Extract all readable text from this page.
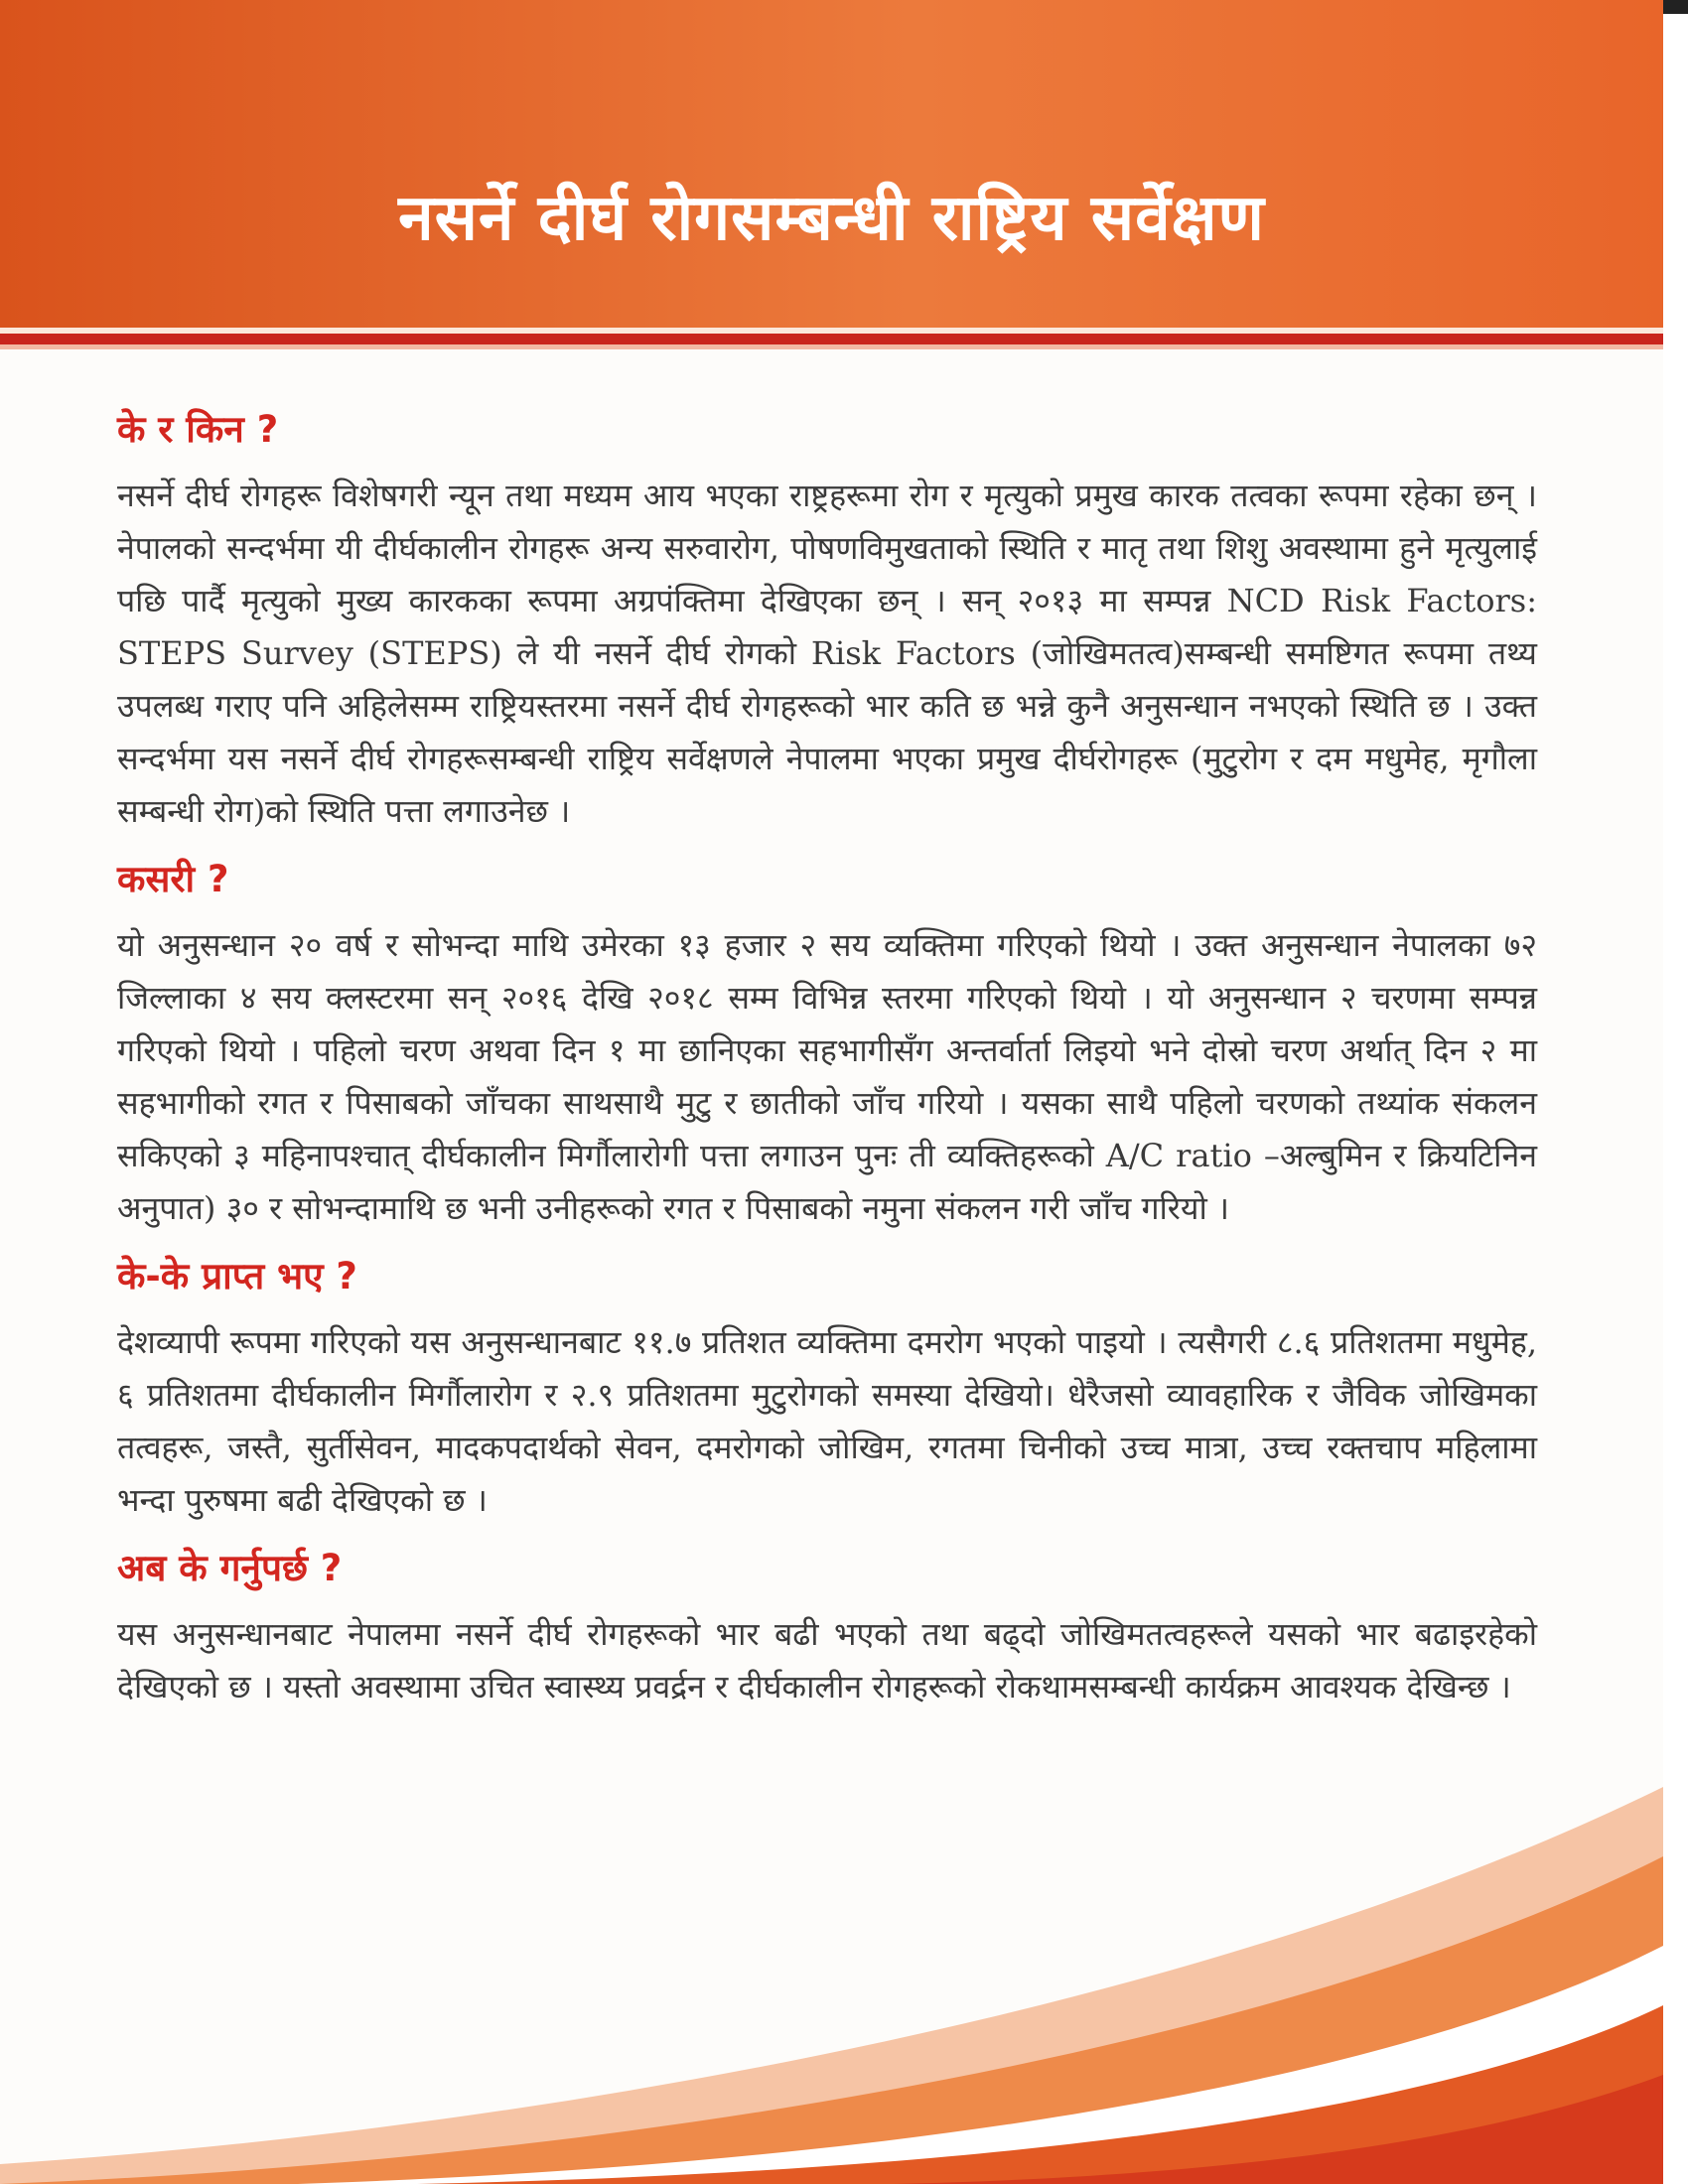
नसर्ने दीर्घ रोगसम्बन्धी राष्ट्रिय सर्वेक्षण
के र किन ?

नसर्ने दीर्घ रोगहरू विशेषगरी न्यून तथा मध्यम आय भएका राष्ट्रहरूमा रोग र मृत्युको प्रमुख कारक तत्वका रूपमा रहेका छन् । नेपालको सन्दर्भमा यी दीर्घकालीन रोगहरू अन्य सरुवारोग, पोषणविमुखताको स्थिति र मातृ तथा शिशु अवस्थामा हुने मृत्युलाई पछि पार्दै मृत्युको मुख्य कारकका रूपमा अग्रपंक्तिमा देखिएका छन् । सन् २०१३ मा सम्पन्न NCD Risk Factors: STEPS Survey (STEPS) ले यी नसर्ने दीर्घ रोगको Risk Factors (जोखिमतत्व)सम्बन्धी समष्टिगत रूपमा तथ्य उपलब्ध गराए पनि अहिलेसम्म राष्ट्रियस्तरमा नसर्ने दीर्घ रोगहरूको भार कति छ भन्ने कुनै अनुसन्धान नभएको स्थिति छ । उक्त सन्दर्भमा यस नसर्ने दीर्घ रोगहरूसम्बन्धी राष्ट्रिय सर्वेक्षणले नेपालमा भएका प्रमुख दीर्घरोगहरू (मुटुरोग र दम मधुमेह, मृगौला सम्बन्धी रोग)को स्थिति पत्ता लगाउनेछ ।

कसरी ?

यो अनुसन्धान २० वर्ष र सोभन्दा माथि उमेरका १३ हजार २ सय व्यक्तिमा गरिएको थियो । उक्त अनुसन्धान नेपालका ७२ जिल्लाका ४ सय क्लस्टरमा सन् २०१६ देखि २०१८ सम्म विभिन्न स्तरमा गरिएको थियो । यो अनुसन्धान २ चरणमा सम्पन्न गरिएको थियो । पहिलो चरण अथवा दिन १ मा छानिएका सहभागीसँग अन्तर्वार्ता लिइयो भने दोस्रो चरण अर्थात् दिन २ मा सहभागीको रगत र पिसाबको जाँचका साथसाथै मुटु र छातीको जाँच गरियो । यसका साथै पहिलो चरणको तथ्यांक संकलन सकिएको ३ महिनापश्चात् दीर्घकालीन मिर्गौलारोगी पत्ता लगाउन पुनः ती व्यक्तिहरूको A/C ratio –अल्बुमिन र क्रियटिनिन अनुपात) ३० र सोभन्दामाथि छ भनी उनीहरूको रगत र पिसाबको नमुना संकलन गरी जाँच गरियो ।

के-के प्राप्त भए ?

देशव्यापी रूपमा गरिएको यस अनुसन्धानबाट ११.७ प्रतिशत व्यक्तिमा दमरोग भएको पाइयो । त्यसैगरी ८.६ प्रतिशतमा मधुमेह, ६ प्रतिशतमा दीर्घकालीन मिर्गौलारोग र २.९ प्रतिशतमा मुटुरोगको समस्या देखियो। धेरैजसो व्यावहारिक र जैविक जोखिमका तत्वहरू, जस्तै, सुर्तीसेवन, मादकपदार्थको सेवन, दमरोगको जोखिम, रगतमा चिनीको उच्च मात्रा, उच्च रक्तचाप महिलामा भन्दा पुरुषमा बढी देखिएको छ ।

अब के गर्नुपर्छ ?

यस अनुसन्धानबाट नेपालमा नसर्ने दीर्घ रोगहरूको भार बढी भएको तथा बढ्दो जोखिमतत्वहरूले यसको भार बढाइरहेको देखिएको छ । यस्तो अवस्थामा उचित स्वास्थ्य प्रवर्द्रन र दीर्घकालीन रोगहरूको रोकथामसम्बन्धी कार्यक्रम आवश्यक देखिन्छ ।
